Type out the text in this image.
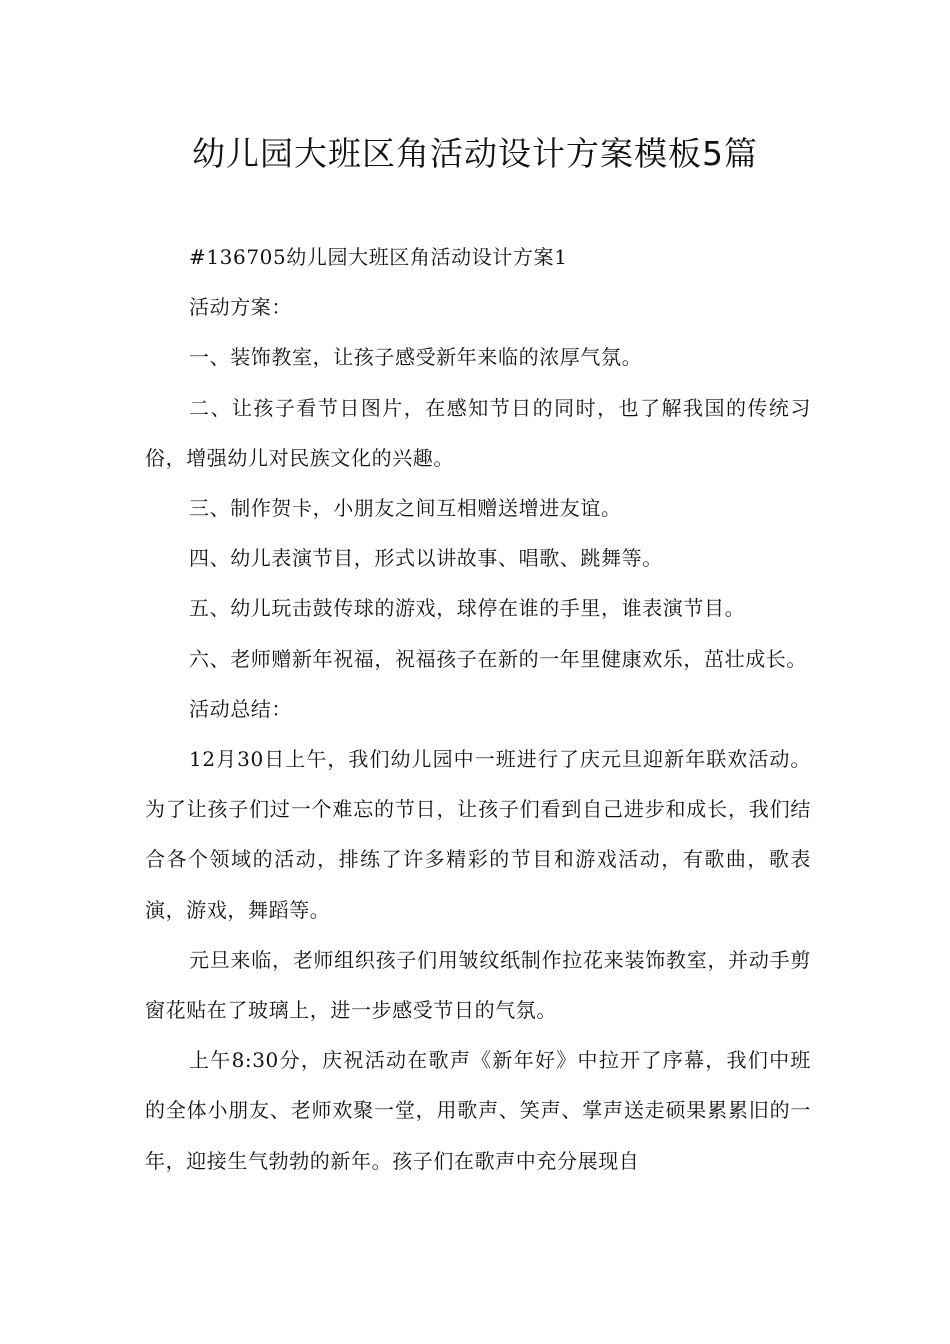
幼儿园大班区角活动设计方案模板5篇

#136705幼儿园大班区角活动设计方案1

活动方案：

一、装饰教室，让孩子感受新年来临的浓厚气氛。

二、让孩子看节日图片，在感知节日的同时，也了解我国的传统习俗，增强幼儿对民族文化的兴趣。

三、制作贺卡，小朋友之间互相赠送增进友谊。

四、幼儿表演节目，形式以讲故事、唱歌、跳舞等。

五、幼儿玩击鼓传球的游戏，球停在谁的手里，谁表演节目。

六、老师赠新年祝福，祝福孩子在新的一年里健康欢乐，茁壮成长。

活动总结：

12月30日上午，我们幼儿园中一班进行了庆元旦迎新年联欢活动。为了让孩子们过一个难忘的节日，让孩子们看到自己进步和成长，我们结合各个领域的活动，排练了许多精彩的节目和游戏活动，有歌曲，歌表演，游戏，舞蹈等。

元旦来临，老师组织孩子们用皱纹纸制作拉花来装饰教室，并动手剪窗花贴在了玻璃上，进一步感受节日的气氛。

上午8:30分，庆祝活动在歌声《新年好》中拉开了序幕，我们中班的全体小朋友、老师欢聚一堂，用歌声、笑声、掌声送走硕果累累旧的一年，迎接生气勃勃的新年。孩子们在歌声中充分展现自
